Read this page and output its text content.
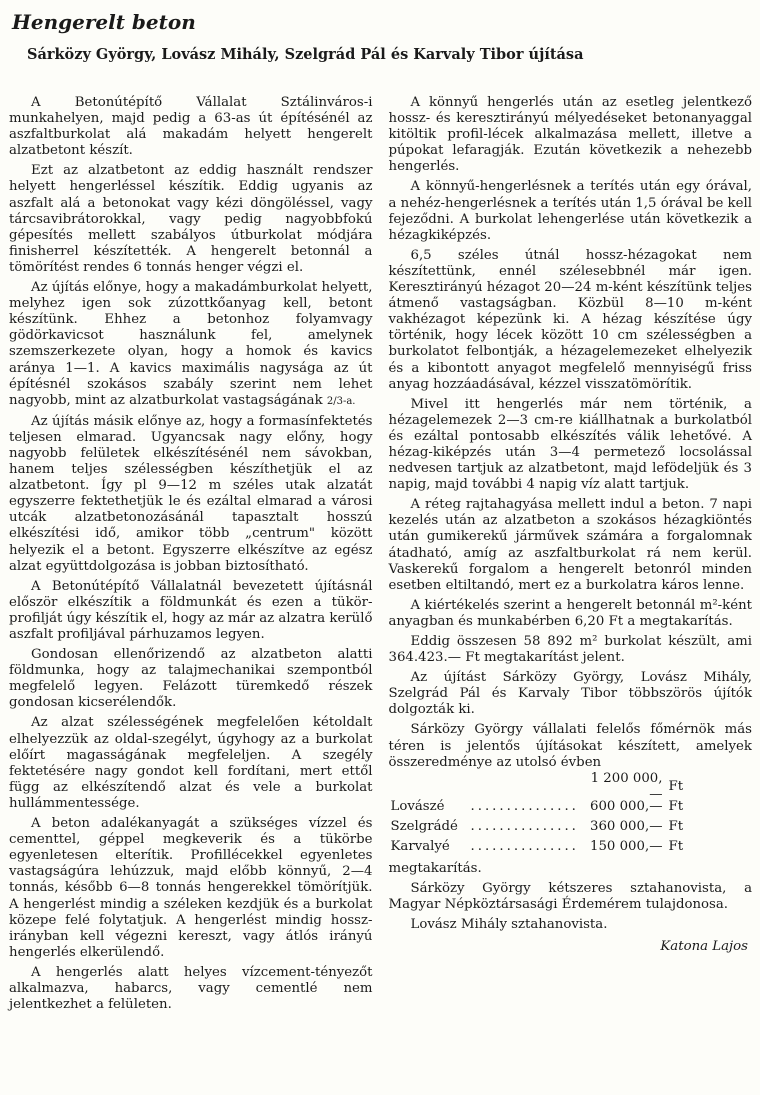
Hengerelt beton
Sárközy György, Lovász Mihály, Szelgrád Pál és Karvaly Tibor újítása

A Betonútépítő Vállalat Sztálinváros-i munkahelyen, majd pedig a 63-as út építésénél az aszfaltburkolat alá makadám helyett hengerelt alzatbetont készít.

Ezt az alzatbetont az eddig használt rendszer helyett hengerléssel készítik. Eddig ugyanis az aszfalt alá a betonokat vagy kézi döngöléssel, vagy tárcsavibrátorokkal, vagy pedig nagyobbfokú gépesítés mellett szabályos útburkolat módjára finisherrel készítették. A hengerelt betonnál a tömörítést rendes 6 tonnás henger végzi el.

Az újítás előnye, hogy a makadámburkolat helyett, melyhez igen sok zúzottkőanyag kell, betont készítünk. Ehhez a betonhoz folyamvagy gödörkavicsot használunk fel, amelynek szemszerkezete olyan, hogy a homok és kavics aránya 1—1. A kavics maximális nagysága az út építésnél szokásos szabály szerint nem lehet nagyobb, mint az alzatburkolat vastagságának 2/3-a.

Az újítás másik előnye az, hogy a formasínfektetés teljesen elmarad. Ugyancsak nagy előny, hogy nagyobb felületek elkészítésénél nem sávokban, hanem teljes szélességben készíthetjük el az alzatbetont. Így pl 9—12 m széles utak alzatát egyszerre fektethetjük le és ezáltal elmarad a városi utcák alzatbetonozásánál tapasztalt hosszú elkészítési idő, amikor több „centrum" között helyezik el a betont. Egyszerre elkészítve az egész alzat együttdolgozása is jobban biztosítható.

A Betonútépítő Vállalatnál bevezetett újításnál először elkészítik a földmunkát és ezen a tükör-profilját úgy készítik el, hogy az már az alzatra kerülő aszfalt profiljával párhuzamos legyen.

Gondosan ellenőrizendő az alzatbeton alatti földmunka, hogy az talajmechanikai szempontból megfelelő legyen. Felázott türemkedő részek gondosan kicserélendők.

Az alzat szélességének megfelelően kétoldalt elhelyezzük az oldal-szegélyt, úgyhogy az a burkolat előírt magasságának megfeleljen. A szegély fektetésére nagy gondot kell fordítani, mert ettől függ az elkészítendő alzat és vele a burkolat hullámmentessége.

A beton adalékanyagát a szükséges vízzel és cementtel, géppel megkeverik és a tükörbe egyenletesen elterítik. Profillécekkel egyenletes vastagságúra lehúzzuk, majd előbb könnyű, 2—4 tonnás, később 6—8 tonnás hengerekkel tömörítjük. A hengerlést mindig a széleken kezdjük és a burkolat közepe felé folytatjuk. A hengerlést mindig hossz-irányban kell végezni kereszt, vagy átlós irányú hengerlés elkerülendő.

A hengerlés alatt helyes vízcement-tényezőt alkalmazva, habarcs, vagy cementlé nem jelentkezhet a felületen.

A könnyű hengerlés után az esetleg jelentkező hossz- és keresztirányú mélyedéseket betonanyaggal kitöltik profil-lécek alkalmazása mellett, illetve a púpokat lefaragják. Ezután következik a nehezebb hengerlés.

A könnyű-hengerlésnek a terítés után egy órával, a nehéz-hengerlésnek a terítés után 1,5 órával be kell fejeződni. A burkolat lehengerlése után következik a hézagkiképzés.

6,5 széles útnál hossz-hézagokat nem készítettünk, ennél szélesebbnél már igen. Keresztirányú hézagot 20—24 m-ként készítünk teljes átmenő vastagságban. Közbül 8—10 m-ként vakhézagot képezünk ki. A hézag készítése úgy történik, hogy lécek között 10 cm szélességben a burkolatot felbontják, a hézagelemezeket elhelyezik és a kibontott anyagot megfelelő mennyiségű friss anyag hozzáadásával, kézzel visszatömörítik.

Mivel itt hengerlés már nem történik, a hézagelemezek 2—3 cm-re kiállhatnak a burkolatból és ezáltal pontosabb elkészítés válik lehetővé. A hézag-kiképzés után 3—4 permetező locsolással nedvesen tartjuk az alzatbetont, majd lefödeljük és 3 napig, majd további 4 napig víz alatt tartjuk.

A réteg rajtahagyása mellett indul a beton. 7 napi kezelés után az alzatbeton a szokásos hézagkiöntés után gumikerekű járművek számára a forgalomnak átadható, amíg az aszfaltburkolat rá nem kerül. Vaskerekű forgalom a hengerelt betonról minden esetben eltiltandó, mert ez a burkolatra káros lenne.

A kiértékelés szerint a hengerelt betonnál m²-ként anyagban és munkabérben 6,20 Ft a megtakarítás.

Eddig összesen 58 892 m² burkolat készült, ami 364.423.— Ft megtakarítást jelent.

Az újítást Sárközy György, Lovász Mihály, Szelgrád Pál és Karvaly Tibor többszörös újítók dolgozták ki.

Sárközy György vállalati felelős főmérnök más téren is jelentős újításokat készített, amelyek összeredménye az utolsó évben

1 200 000,—
Ft
Lovászé	............... 600 000,— Ft
Szelgrádé ............... 360 000,— Ft
Karvalyé	............... 150 000,— Ft

megtakarítás.

Sárközy György kétszeres sztahanovista, a Magyar Népköztársasági Érdemérem tulajdonosa.

Lovász Mihály sztahanovista.

Katona Lajos
